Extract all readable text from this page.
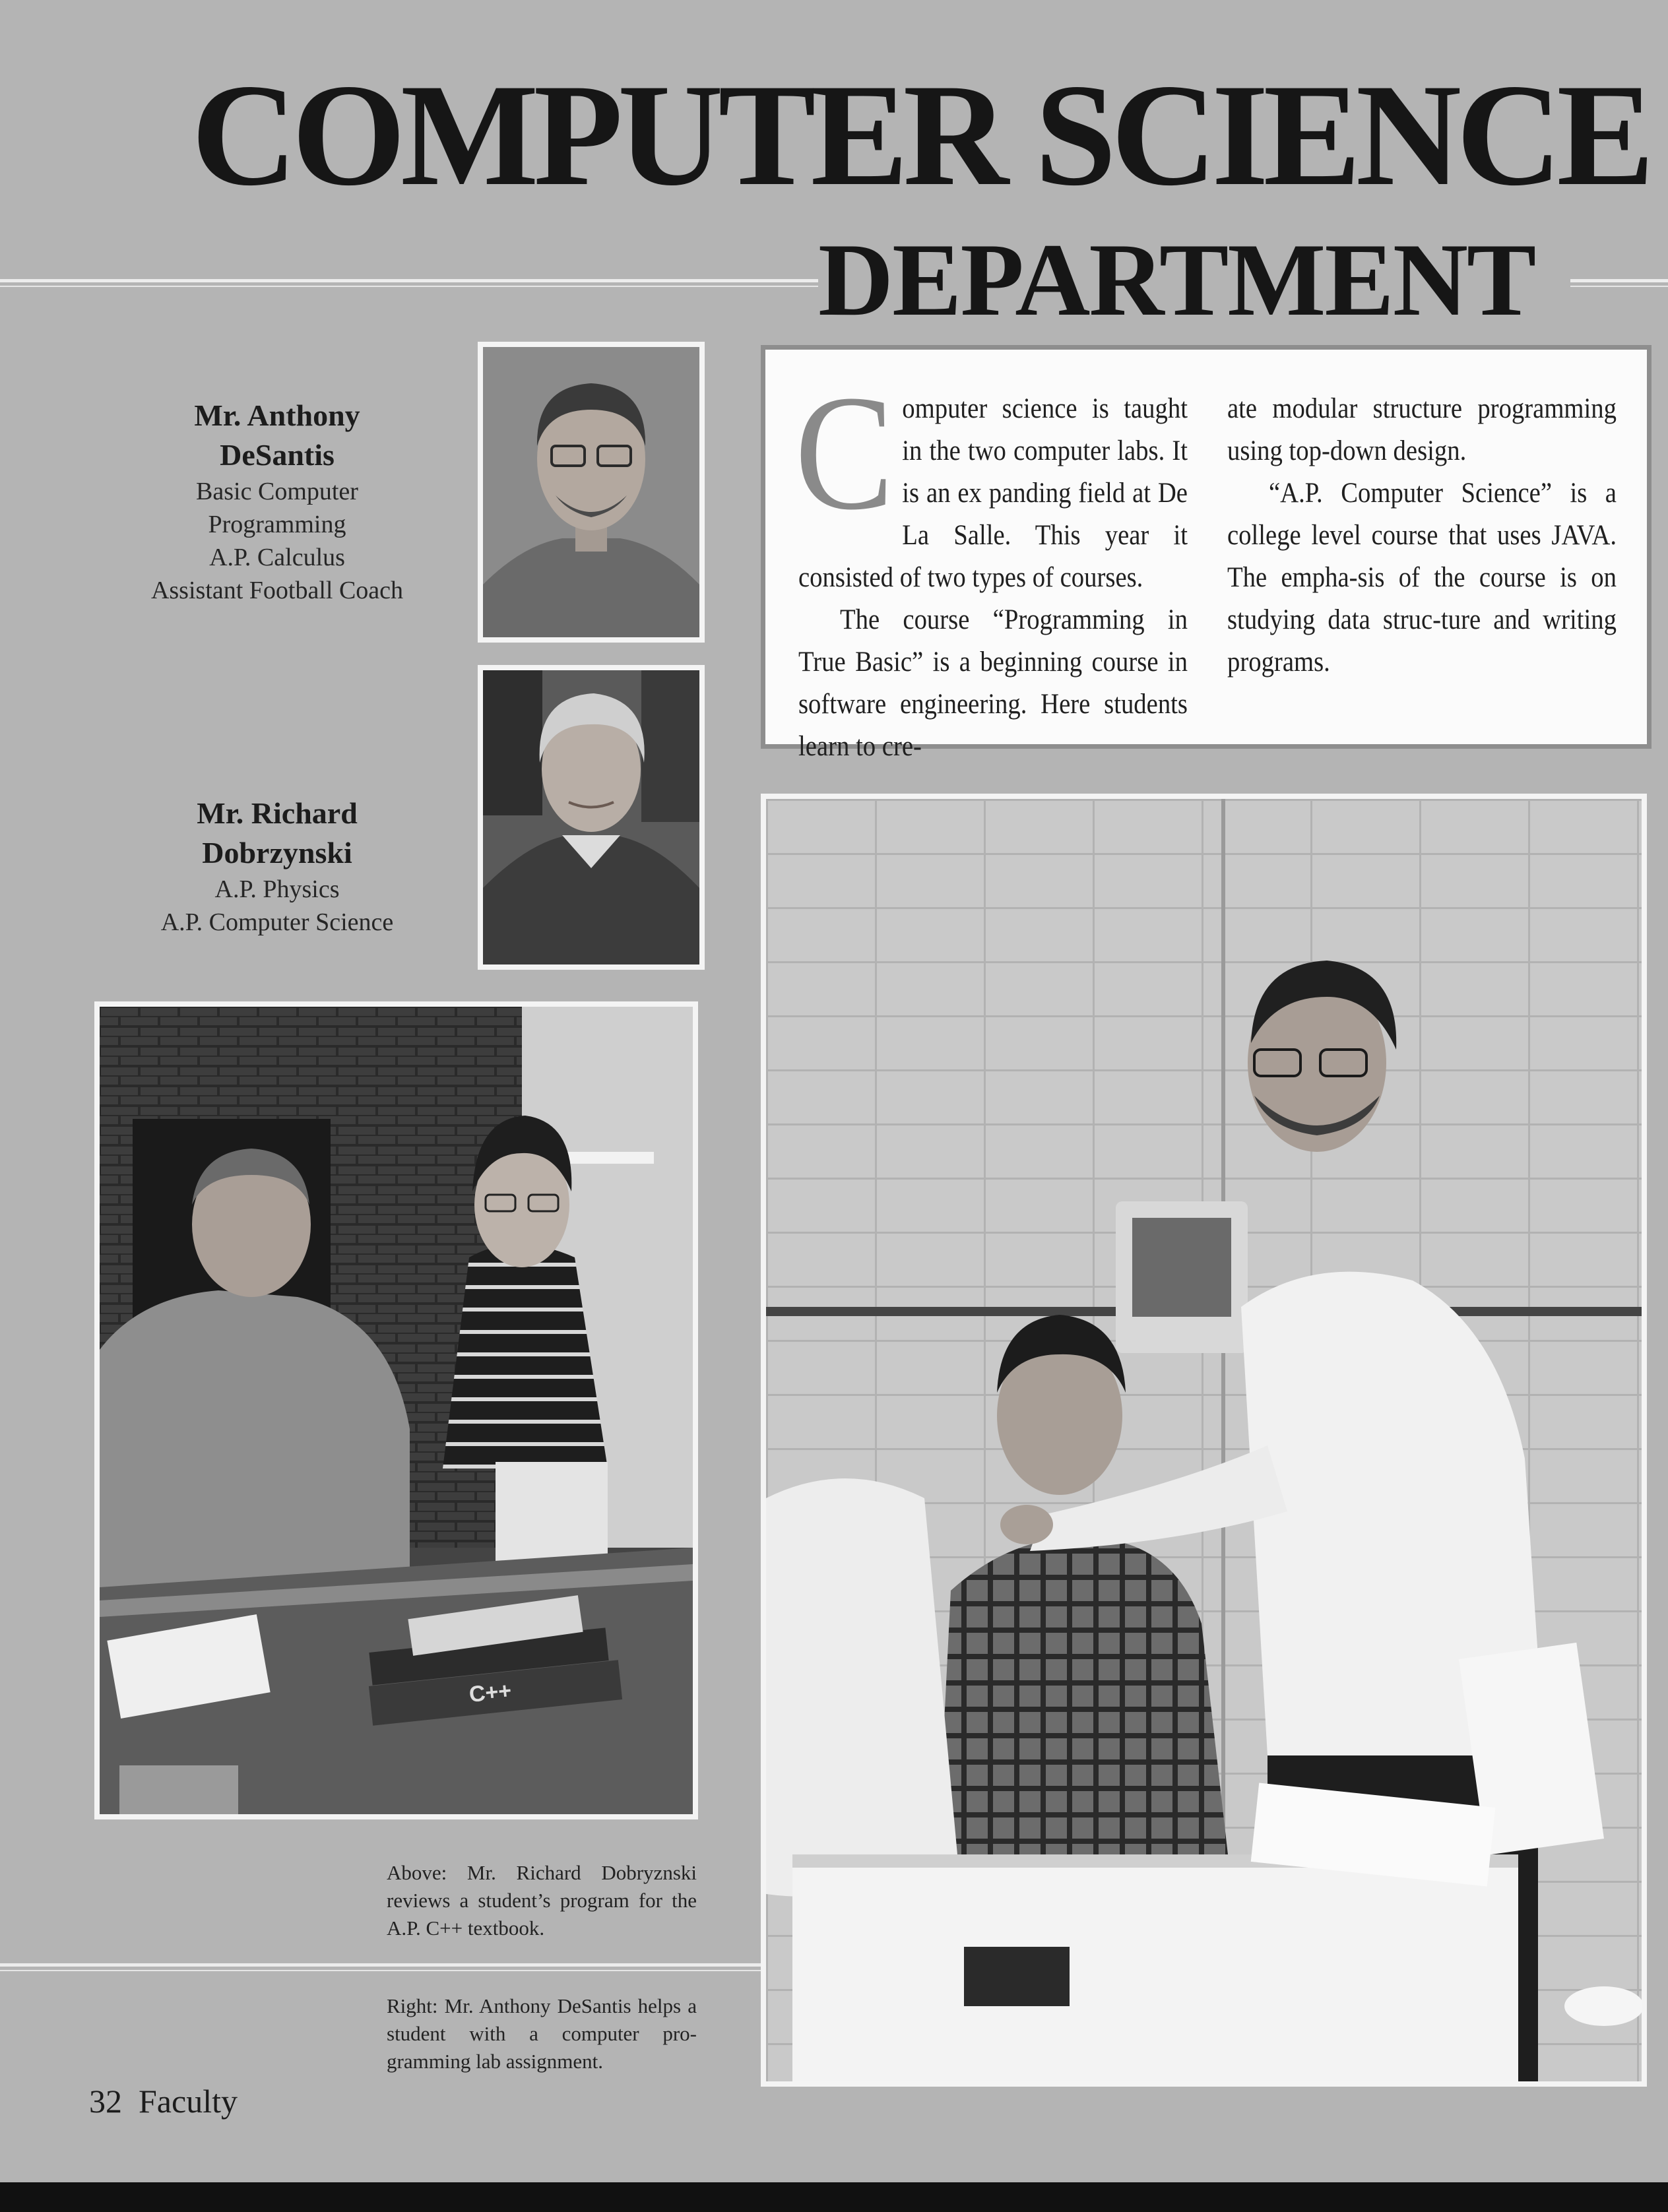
COMPUTER SCIENCE
DEPARTMENT
Mr. Anthony
DeSantis
Basic Computer
Programming
A.P. Calculus
Assistant Football Coach
Mr. Richard
Dobrzynski
A.P. Physics
A.P. Computer Science

Computer science is taught in the two computer labs. It is an ex panding field at De La Salle. This year it consisted of two types of courses.

The course “Programming in True Basic” is a beginning course in software engineering. Here students learn to cre-

ate modular structure programming using top-down design.

“A.P. Computer Science” is a college level course that uses JAVA. The empha-sis of the course is on studying data struc-ture and writing programs.

C++
Above: Mr. Richard Dobryznski reviews a student’s program for the A.P. C++ textbook.
Right: Mr. Anthony DeSantis helps a student with a computer pro-gramming lab assignment.
32 Faculty
